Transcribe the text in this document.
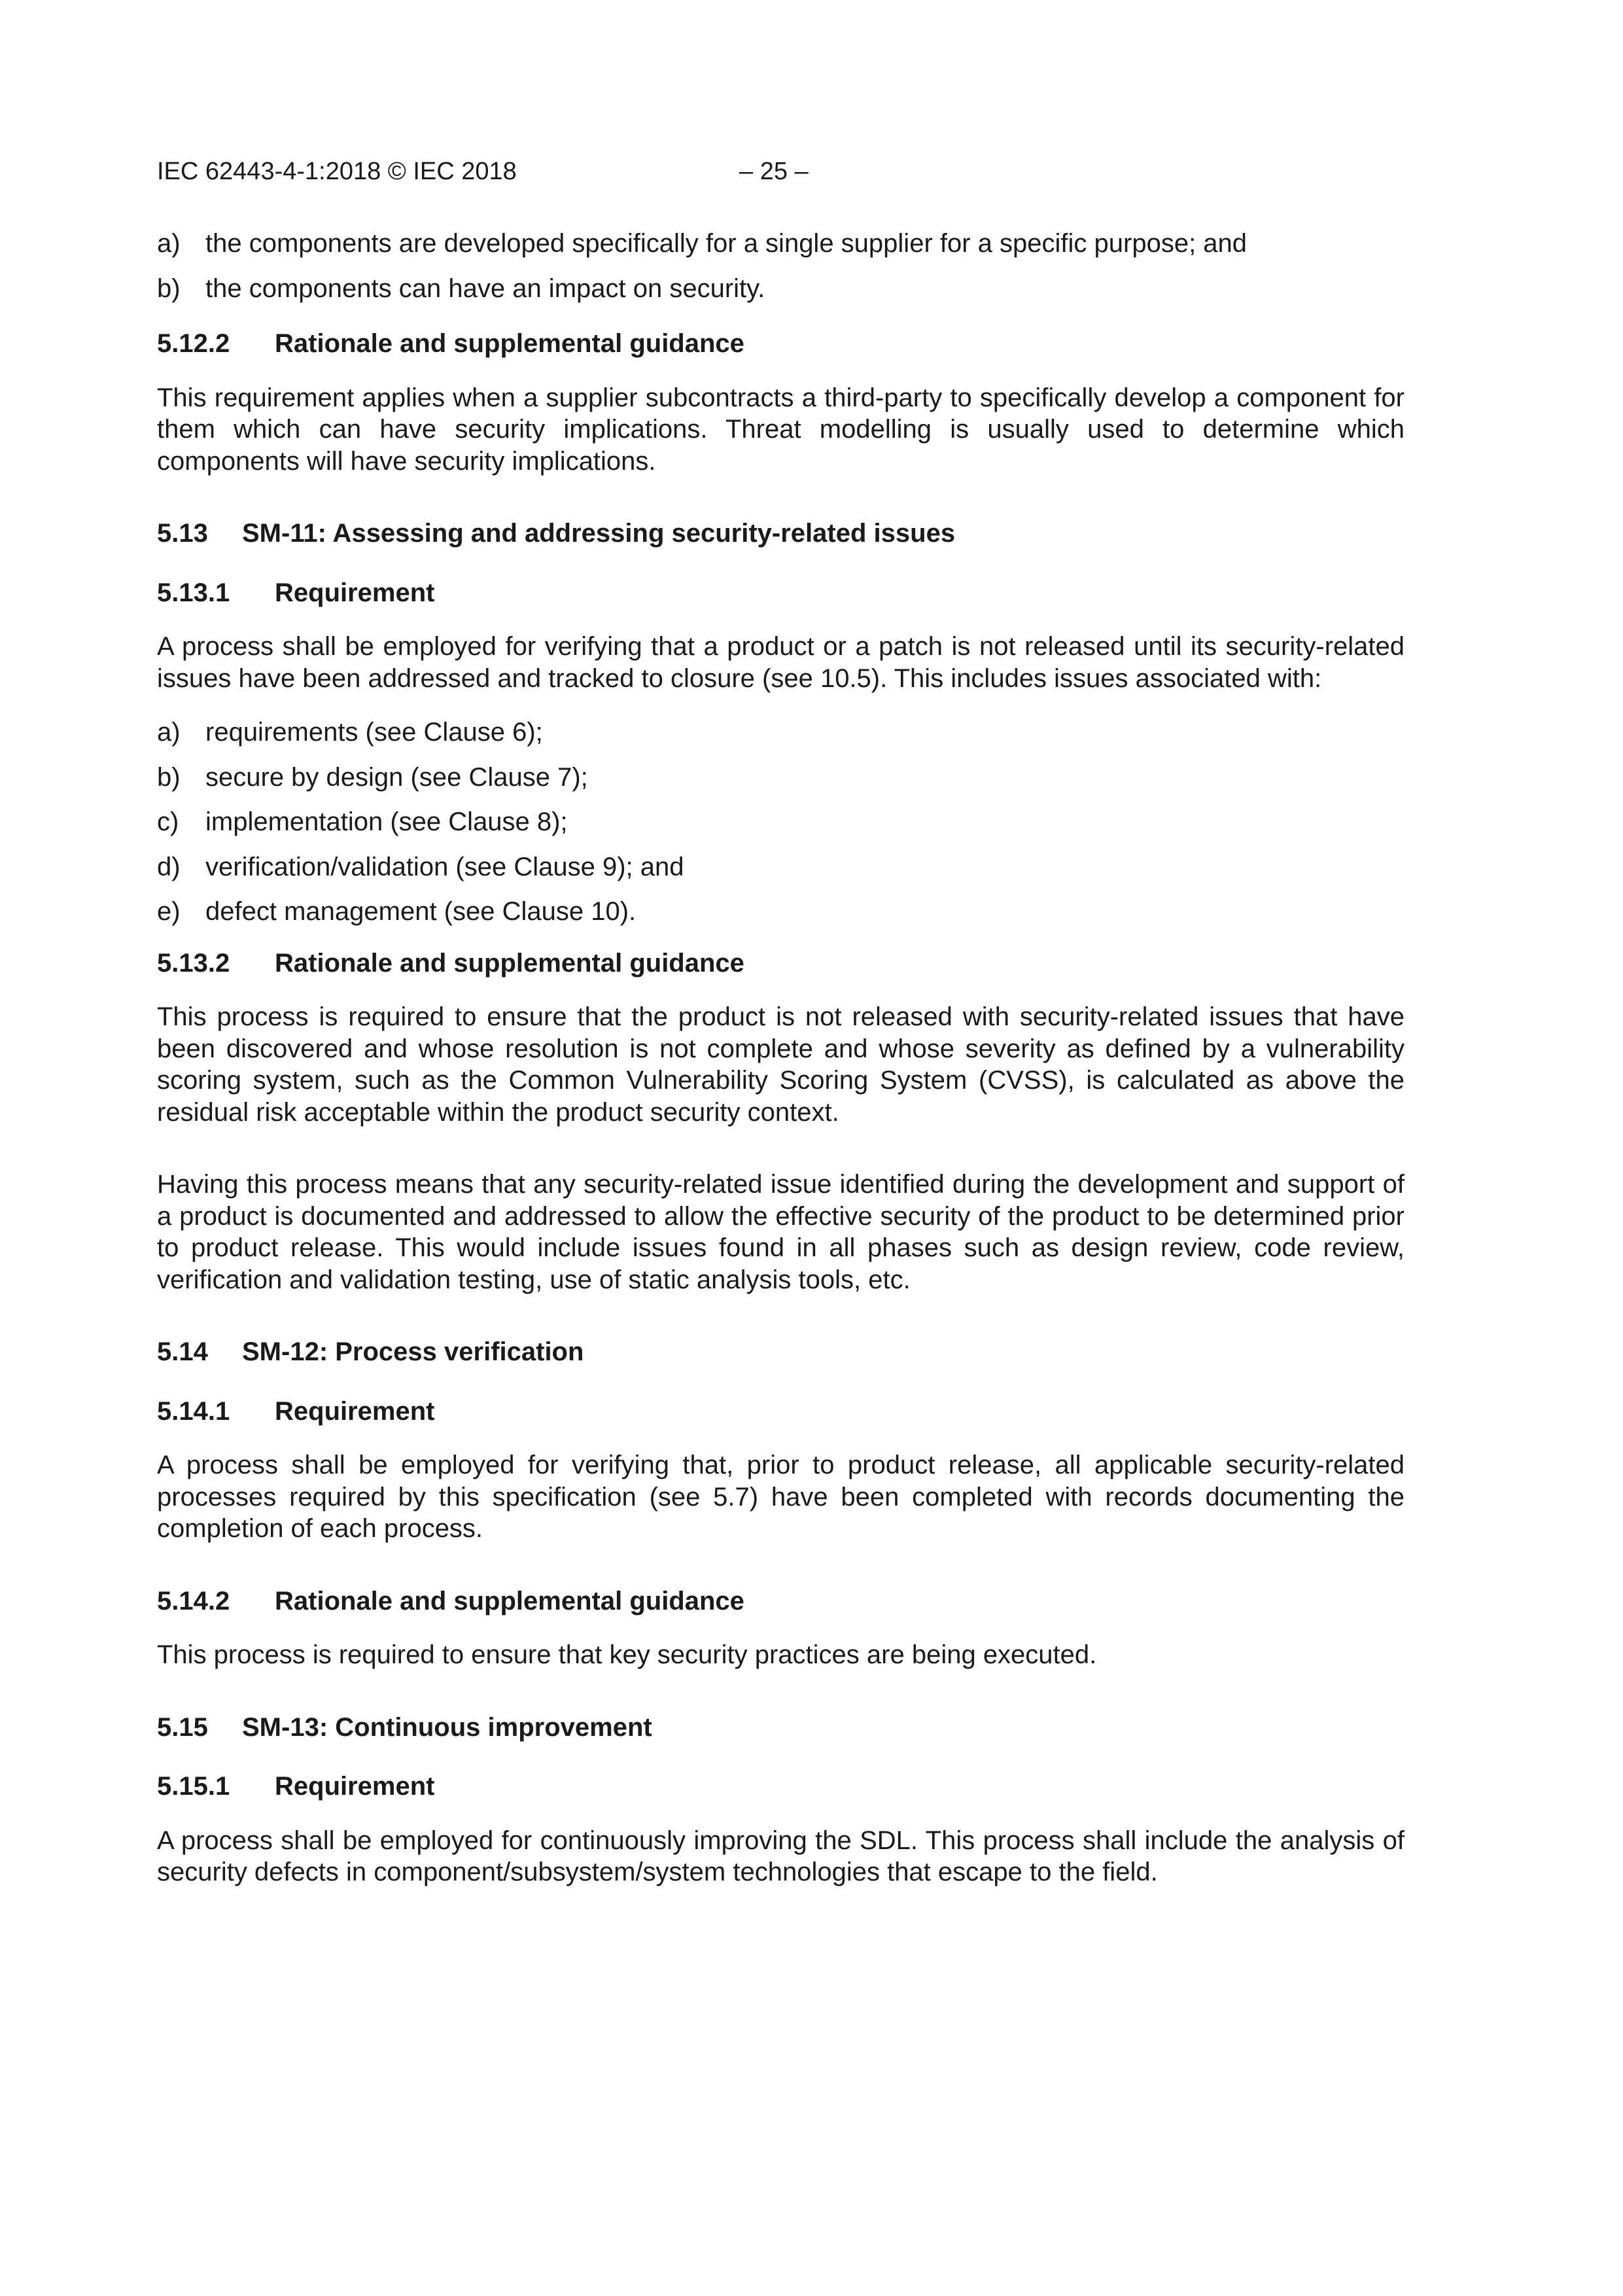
IEC 62443-4-1:2018 © IEC 2018	– 25 –
a) the components are developed specifically for a single supplier for a specific purpose; and
b) the components can have an impact on security.
5.12.2 Rationale and supplemental guidance

This requirement applies when a supplier subcontracts a third-party to specifically develop a component for them which can have security implications. Threat modelling is usually used to determine which components will have security implications.

5.13 SM-11: Assessing and addressing security-related issues
5.13.1 Requirement

A process shall be employed for verifying that a product or a patch is not released until its security-related issues have been addressed and tracked to closure (see 10.5). This includes issues associated with:

a) requirements (see Clause 6);
b) secure by design (see Clause 7);
c) implementation (see Clause 8);
d) verification/validation (see Clause 9); and
e) defect management (see Clause 10).
5.13.2 Rationale and supplemental guidance

This process is required to ensure that the product is not released with security-related issues that have been discovered and whose resolution is not complete and whose severity as defined by a vulnerability scoring system, such as the Common Vulnerability Scoring System (CVSS), is calculated as above the residual risk acceptable within the product security context.

Having this process means that any security-related issue identified during the development and support of a product is documented and addressed to allow the effective security of the product to be determined prior to product release. This would include issues found in all phases such as design review, code review, verification and validation testing, use of static analysis tools, etc.

5.14 SM-12: Process verification
5.14.1 Requirement

A process shall be employed for verifying that, prior to product release, all applicable security-related processes required by this specification (see 5.7) have been completed with records documenting the completion of each process.

5.14.2 Rationale and supplemental guidance

This process is required to ensure that key security practices are being executed.

5.15 SM-13: Continuous improvement
5.15.1 Requirement

A process shall be employed for continuously improving the SDL. This process shall include the analysis of security defects in component/subsystem/system technologies that escape to the field.
